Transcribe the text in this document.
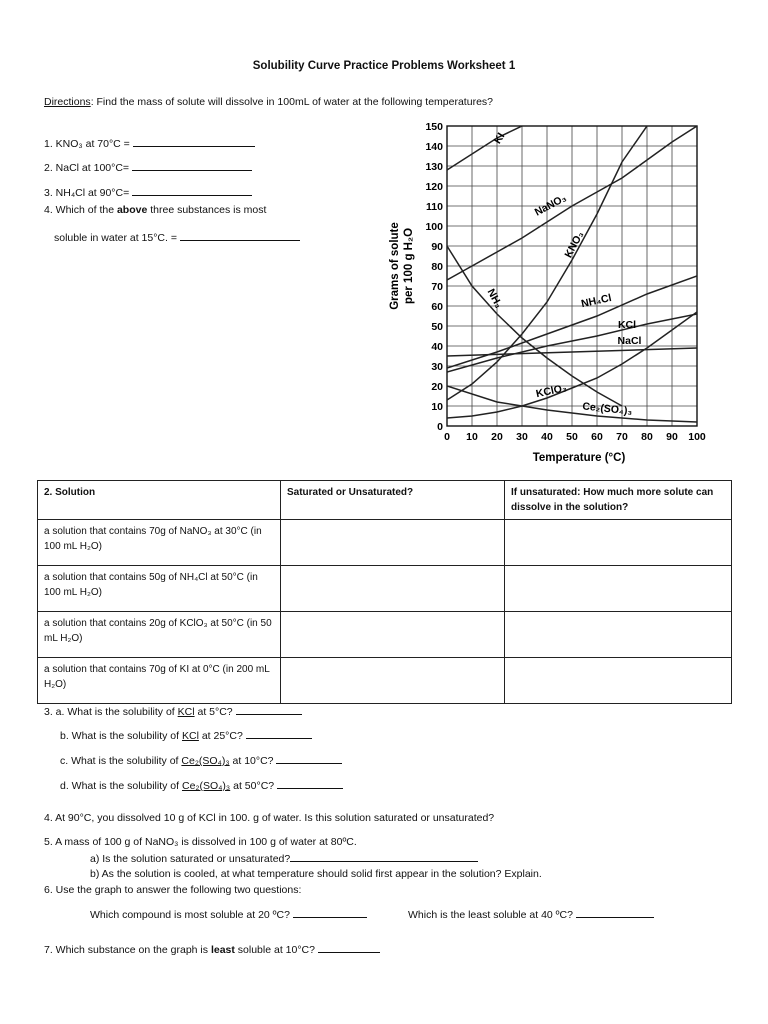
Solubility Curve Practice Problems Worksheet 1
Directions: Find the mass of solute will dissolve in 100mL of water at the following temperatures?
1. KNO₃ at 70°C =
2. NaCl at 100°C=
3. NH₄Cl at 90°C=
4. Which of the above three substances is most
soluble in water at 15°C. =
0 10 20 30 40 50 60 70 80 90 100
0
10
20
30
40
50
60
70
80
90
100
110
120
130
140
150
Temperature (°C)
Grams of solute per 100 g H₂O
KI
NaNO₃
KNO₃
NH₃	NH₄Cl
KCl
NaCl
KClO₃
Ce₂(SO₄)₃
2. Solution	Saturated or Unsaturated?	If unsaturated: How much more solute can dissolve in the solution?
a solution that contains 70g of NaNO₃ at 30°C (in 100 mL H₂O)		
a solution that contains 50g of NH₄Cl at 50°C (in 100 mL H₂O)		
a solution that contains 20g of KClO₃ at 50°C (in 50 mL H₂O)		
a solution that contains 70g of KI at 0°C (in 200 mL H₂O)		
3. a. What is the solubility of KCl at 5°C?
b. What is the solubility of KCl at 25°C?
c. What is the solubility of Ce₂(SO₄)₃ at 10°C?
d. What is the solubility of Ce₂(SO₄)₃ at 50°C?
4. At 90°C, you dissolved 10 g of KCl in 100. g of water. Is this solution saturated or unsaturated?
5. A mass of 100 g of NaNO₃ is dissolved in 100 g of water at 80ºC.
a) Is the solution saturated or unsaturated?
b) As the solution is cooled, at what temperature should solid first appear in the solution? Explain.
6. Use the graph to answer the following two questions:
Which compound is most soluble at 20 ºC?	Which is the least soluble at 40 ºC?
7. Which substance on the graph is least soluble at 10°C?
